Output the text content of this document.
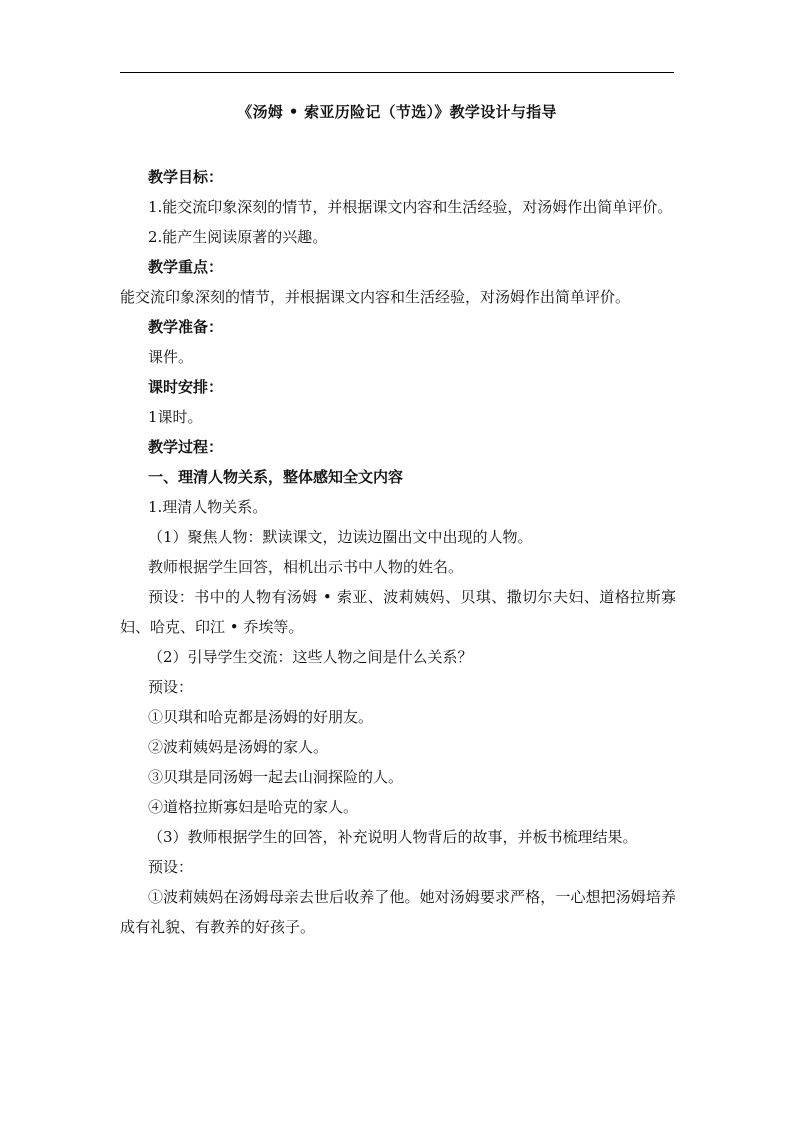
《汤姆 • 索亚历险记（节选）》教学设计与指导

教学目标：

1.能交流印象深刻的情节，并根据课文内容和生活经验，对汤姆作出简单评价。

2.能产生阅读原著的兴趣。

教学重点：

能交流印象深刻的情节，并根据课文内容和生活经验，对汤姆作出简单评价。

教学准备：

课件。

课时安排：

1课时。

教学过程：

一、理清人物关系，整体感知全文内容

1.理清人物关系。

（1）聚焦人物：默读课文，边读边圈出文中出现的人物。

教师根据学生回答，相机出示书中人物的姓名。

预设：书中的人物有汤姆 • 索亚、波莉姨妈、贝琪、撒切尔夫妇、道格拉斯寡妇、哈克、印江 • 乔埃等。

（2）引导学生交流：这些人物之间是什么关系？

预设：

①贝琪和哈克都是汤姆的好朋友。

②波莉姨妈是汤姆的家人。

③贝琪是同汤姆一起去山洞探险的人。

④道格拉斯寡妇是哈克的家人。

（3）教师根据学生的回答，补充说明人物背后的故事，并板书梳理结果。

预设：

①波莉姨妈在汤姆母亲去世后收养了他。她对汤姆要求严格，一心想把汤姆培养成有礼貌、有教养的好孩子。
